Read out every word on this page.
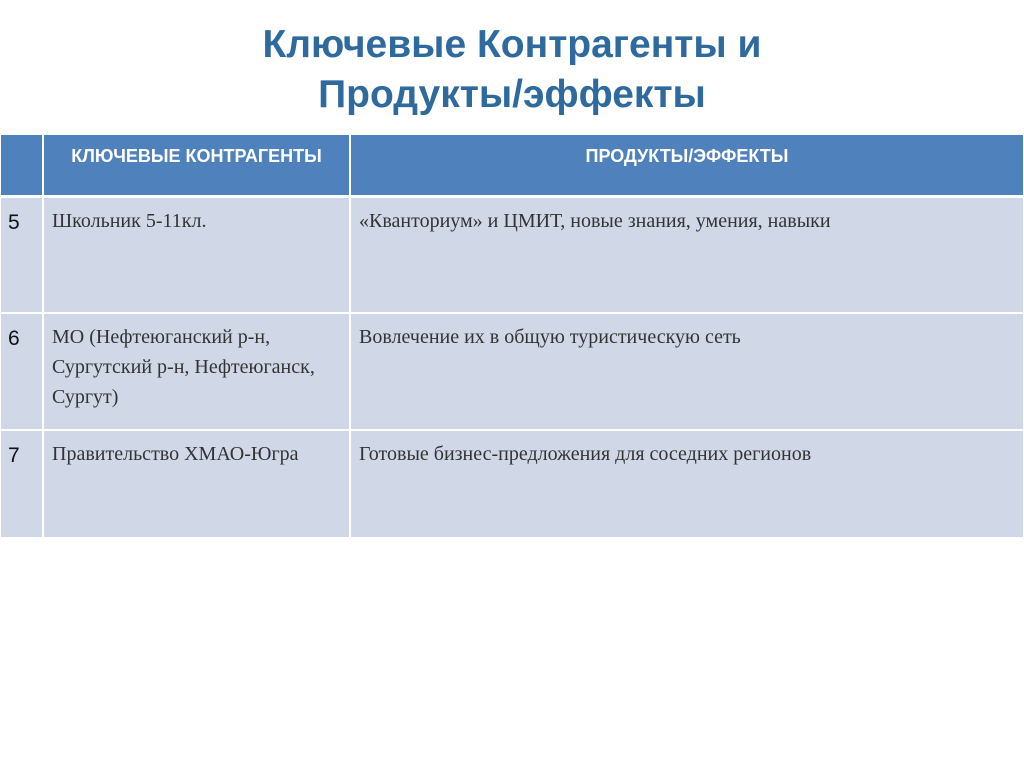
Ключевые Контрагенты и
Продукты/эффекты
	КЛЮЧЕВЫЕ КОНТРАГЕНТЫ	ПРОДУКТЫ/ЭФФЕКТЫ
5	Школьник 5-11кл.	«Кванториум» и ЦМИТ, новые знания, умения, навыки
6	МО (Нефтеюганский р-н, Сургутский р-н, Нефтеюганск, Сургут)	Вовлечение их в общую туристическую сеть
7	Правительство ХМАО-Югра	Готовые бизнес-предложения для соседних регионов
